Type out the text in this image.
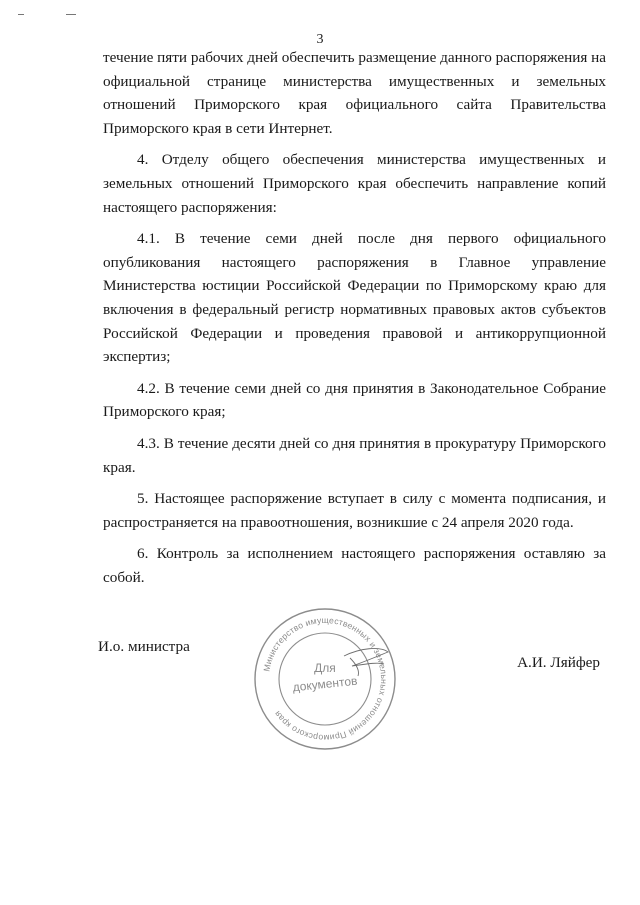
3

течение пяти рабочих дней обеспечить размещение данного распоряжения на официальной странице министерства имущественных и земельных отношений Приморского края официального сайта Правительства Приморского края в сети Интернет.

4. Отделу общего обеспечения министерства имущественных и земельных отношений Приморского края обеспечить направление копий настоящего распоряжения:

4.1. В течение семи дней после дня первого официального опубликования настоящего распоряжения в Главное управление Министерства юстиции Российской Федерации по Приморскому краю для включения в федеральный регистр нормативных правовых актов субъектов Российской Федерации и проведения правовой и антикоррупционной экспертиз;

4.2. В течение семи дней со дня принятия в Законодательное Собрание Приморского края;

4.3. В течение десяти дней со дня принятия в прокуратуру Приморского края.

5. Настоящее распоряжение вступает в силу с момента подписания, и распространяется на правоотношения, возникшие с 24 апреля 2020 года.

6. Контроль за исполнением настоящего распоряжения оставляю за собой.

И.о. министра
Министерство имущественных и земельных отношений Приморского края
Для
документов
А.И. Ляйфер
